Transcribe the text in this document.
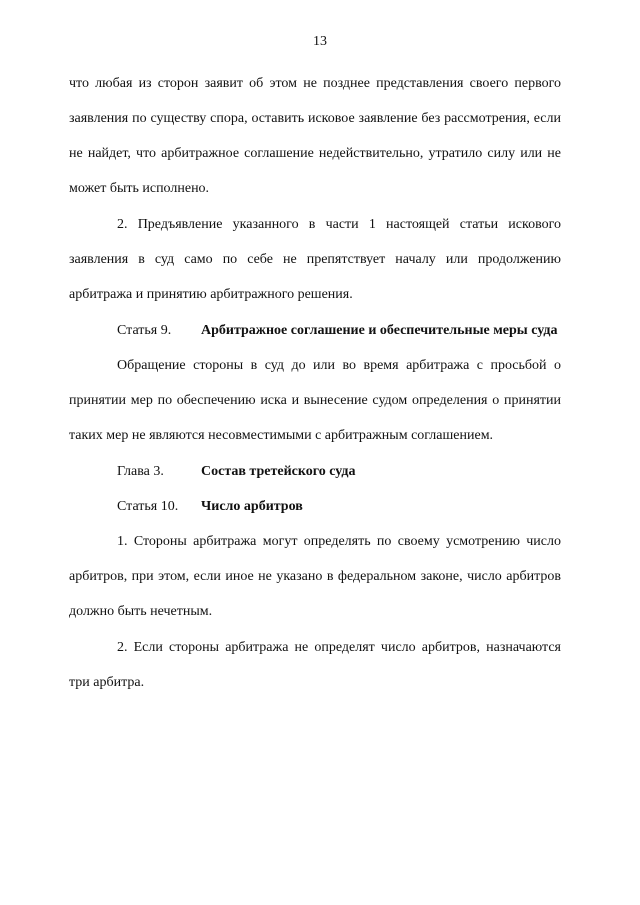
13

что любая из сторон заявит об этом не позднее представления своего первого заявления по существу спора, оставить исковое заявление без рассмотрения, если не найдет, что арбитражное соглашение недействительно, утратило силу или не может быть исполнено.

2. Предъявление указанного в части 1 настоящей статьи искового заявления в суд само по себе не препятствует началу или продолжению арбитража и принятию арбитражного решения.

Статья 9.	Арбитражное соглашение и обеспечительные меры суда

Обращение стороны в суд до или во время арбитража с просьбой о принятии мер по обеспечению иска и вынесение судом определения о принятии таких мер не являются несовместимыми с арбитражным соглашением.

Глава 3.	Состав третейского суда
Статья 10.	Число арбитров

1. Стороны арбитража могут определять по своему усмотрению число арбитров, при этом, если иное не указано в федеральном законе, число арбитров должно быть нечетным.

2. Если стороны арбитража не определят число арбитров, назначаются три арбитра.
